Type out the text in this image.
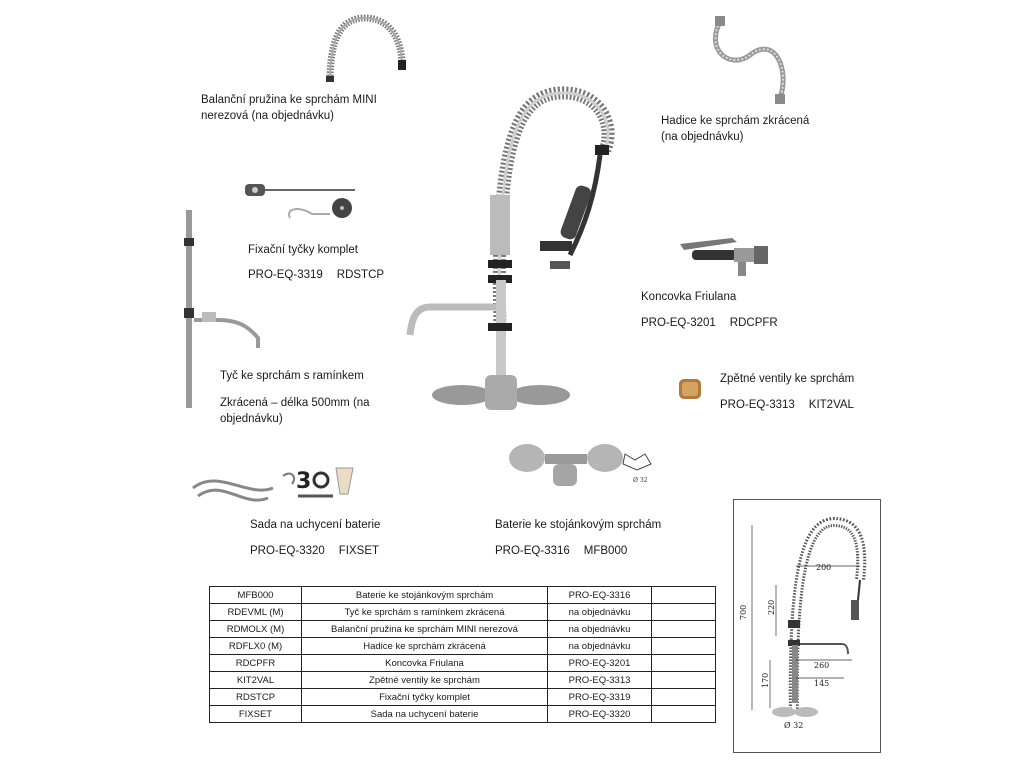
Balanční pružina ke sprchám MINI
nerezová (na objednávku)	Hadice ke sprchám zkrácená
(na objednávku)
Fixační tyčky komplet
PRO-EQ-3319 RDSTCP
Tyč ke sprchám s ramínkem
Zkrácená – délka 500mm (na
objednávku)
Koncovka Friulana
PRO-EQ-3201 RDCPFR
Zpětné ventily ke sprchám
PRO-EQ-3313 KIT2VAL
3
Sada na uchycení baterie
PRO-EQ-3320 FIXSET
Ø 32
Baterie ke stojánkovým sprchám
PRO-EQ-3316 MFB000
MFB000	Baterie ke stojánkovým sprchám	PRO-EQ-3316	
RDEVML (M)	Tyč ke sprchám s ramínkem zkrácená	na objednávku	
RDMOLX (M)	Balanční pružina ke sprchám MINI nerezová	na objednávku	
RDFLX0 (M)	Hadice ke sprchám zkrácená	na objednávku	
RDCPFR	Koncovka Friulana	PRO-EQ-3201	
KIT2VAL	Zpětné ventily ke sprchám	PRO-EQ-3313	
RDSTCP	Fixační tyčky komplet	PRO-EQ-3319	
FIXSET	Sada na uchycení baterie	PRO-EQ-3320	
200
700 220
260
170	145
Ø 32
